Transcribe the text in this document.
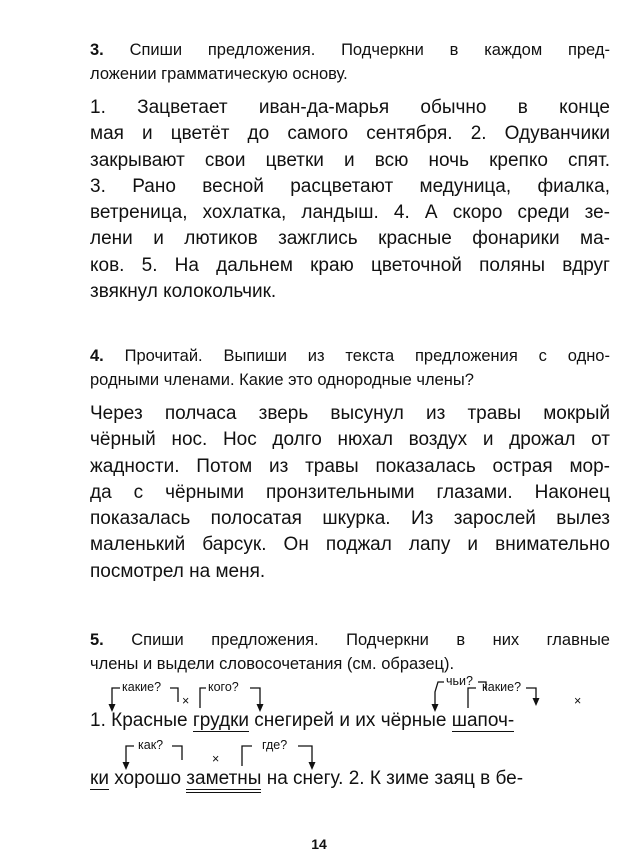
3. Спиши предложения. Подчеркни в каждом пред-
ложении грамматическую основу.
1. Зацветает иван-да-марья обычно в конце
мая и цветёт до самого сентября. 2. Одуванчики
закрывают свои цветки и всю ночь крепко спят.
3. Рано весной расцветают медуница, фиалка,
ветреница, хохлатка, ландыш. 4. А скоро среди зе-
лени и лютиков зажглись красные фонарики ма-
ков. 5. На дальнем краю цветочной поляны вдруг
звякнул колокольчик.
4. Прочитай. Выпиши из текста предложения с одно-
родными членами. Какие это однородные члены?
Через полчаса зверь высунул из травы мокрый
чёрный нос. Нос долго нюхал воздух и дрожал от
жадности. Потом из травы показалась острая мор-
да с чёрными пронзительными глазами. Наконец
показалась полосатая шкурка. Из зарослей вылез
маленький барсук. Он поджал лапу и внимательно
посмотрел на меня.
5. Спиши предложения. Подчеркни в них главные
члены и выдели словосочетания (см. образец).
какие?
×
кого?	чьи? какие?
×
как?
×
где?
1. Красные грудки снегирей и их чёрные шапоч-
ки хорошо заметны на снегу. 2. К зиме заяц в бе-
14
